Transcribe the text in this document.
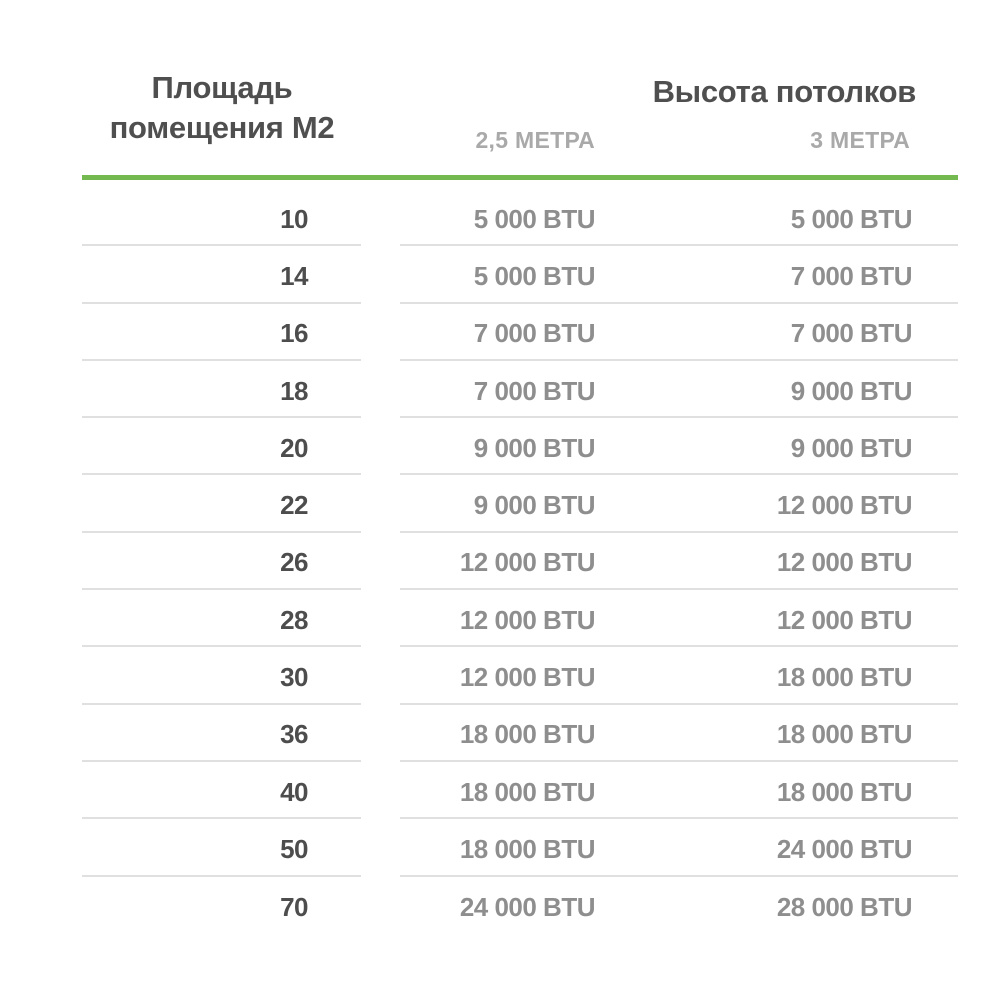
Площадь
помещения М2
Высота потолков
2,5 МЕТРА	3 МЕТРА
10	5 000 BTU	5 000 BTU
14	5 000 BTU	7 000 BTU
16	7 000 BTU	7 000 BTU
18	7 000 BTU	9 000 BTU
20	9 000 BTU	9 000 BTU
22	9 000 BTU	12 000 BTU
26	12 000 BTU	12 000 BTU
28	12 000 BTU	12 000 BTU
30	12 000 BTU	18 000 BTU
36	18 000 BTU	18 000 BTU
40	18 000 BTU	18 000 BTU
50	18 000 BTU	24 000 BTU
70	24 000 BTU	28 000 BTU
